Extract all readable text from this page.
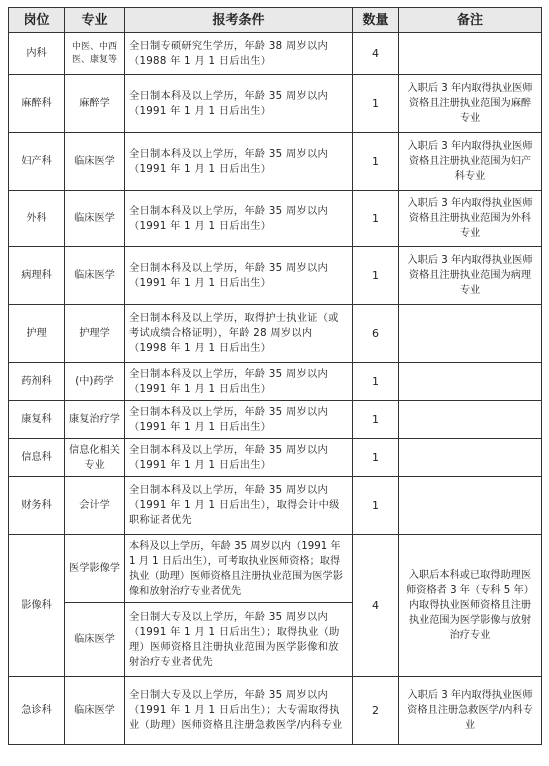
岗位	专业	报考条件	数量	备注
内科	中医、中西医、康复等	全日制专硕研究生学历，年龄 38 周岁以内（1988 年 1 月 1 日后出生）	4	
麻醉科	麻醉学	全日制本科及以上学历，年龄 35 周岁以内（1991 年 1 月 1 日后出生）	1	入职后 3 年内取得执业医师资格且注册执业范围为麻醉专业
妇产科	临床医学	全日制本科及以上学历，年龄 35 周岁以内（1991 年 1 月 1 日后出生）	1	入职后 3 年内取得执业医师资格且注册执业范围为妇产科专业
外科	临床医学	全日制本科及以上学历，年龄 35 周岁以内（1991 年 1 月 1 日后出生）	1	入职后 3 年内取得执业医师资格且注册执业范围为外科专业
病理科	临床医学	全日制本科及以上学历，年龄 35 周岁以内（1991 年 1 月 1 日后出生）	1	入职后 3 年内取得执业医师资格且注册执业范围为病理专业
护理	护理学	全日制本科及以上学历，取得护士执业证（或考试成绩合格证明），年龄 28 周岁以内（1998 年 1 月 1 日后出生）	6	
药剂科	(中)药学	全日制本科及以上学历，年龄 35 周岁以内（1991 年 1 月 1 日后出生）	1	
康复科	康复治疗学	全日制本科及以上学历，年龄 35 周岁以内（1991 年 1 月 1 日后出生）	1	
信息科	信息化相关专业	全日制本科及以上学历，年龄 35 周岁以内（1991 年 1 月 1 日后出生）	1	
财务科	会计学	全日制本科及以上学历，年龄 35 周岁以内（1991 年 1 月 1 日后出生），取得会计中级职称证者优先	1	
影像科	医学影像学	本科及以上学历，年龄 35 周岁以内（1991 年 1 月 1 日后出生），可考取执业医师资格；取得执业（助理）医师资格且注册执业范围为医学影像和放射治疗专业者优先	4	入职后本科或已取得助理医师资格者 3 年（专科 5 年）内取得执业医师资格且注册执业范围为医学影像与放射治疗专业
	临床医学	全日制大专及以上学历，年龄 35 周岁以内（1991 年 1 月 1 日后出生）；取得执业（助理）医师资格且注册执业范围为医学影像和放射治疗专业者优先		
急诊科	临床医学	全日制大专及以上学历，年龄 35 周岁以内（1991 年 1 月 1 日后出生）；大专需取得执业（助理）医师资格且注册急救医学/内科专业	2	入职后 3 年内取得执业医师资格且注册急救医学/内科专业
